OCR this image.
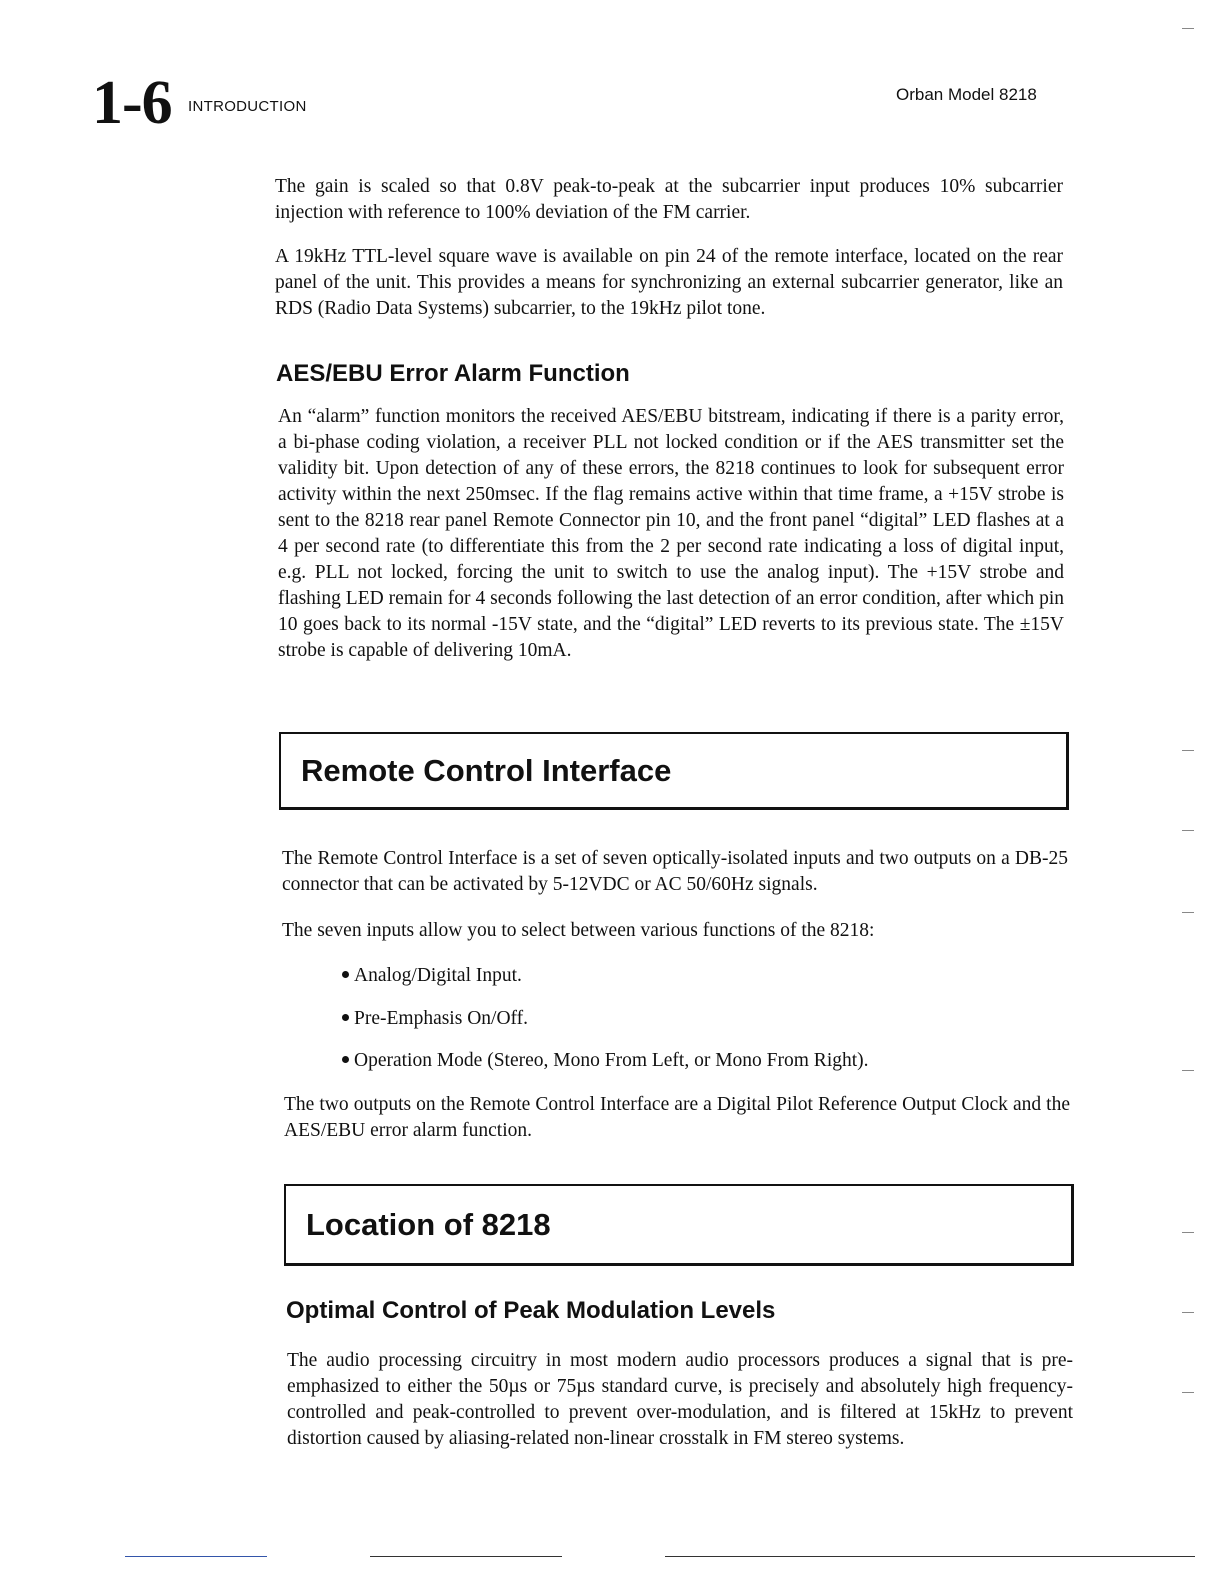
1-6 INTRODUCTION
Orban Model 8218

The gain is scaled so that 0.8V peak-to-peak at the subcarrier input produces 10% subcarrier injection with reference to 100% deviation of the FM carrier.

A 19kHz TTL-level square wave is available on pin 24 of the remote interface, located on the rear panel of the unit. This provides a means for synchronizing an external subcarrier generator, like an RDS (Radio Data Systems) subcarrier, to the 19kHz pilot tone.

AES/EBU Error Alarm Function

An “alarm” function monitors the received AES/EBU bitstream, indicating if there is a parity error, a bi-phase coding violation, a receiver PLL not locked condition or if the AES transmitter set the validity bit. Upon detection of any of these errors, the 8218 continues to look for subsequent error activity within the next 250msec. If the flag remains active within that time frame, a +15V strobe is sent to the 8218 rear panel Remote Connector pin 10, and the front panel “digital” LED flashes at a 4 per second rate (to differentiate this from the 2 per second rate indicating a loss of digital input, e.g. PLL not locked, forcing the unit to switch to use the analog input). The +15V strobe and flashing LED remain for 4 seconds following the last detection of an error condition, after which pin 10 goes back to its normal -15V state, and the “digital” LED reverts to its previous state. The ±15V strobe is capable of delivering 10mA.

Remote Control Interface

The Remote Control Interface is a set of seven optically-isolated inputs and two outputs on a DB-25 connector that can be activated by 5-12VDC or AC 50/60Hz signals.

The seven inputs allow you to select between various functions of the 8218:

Analog/Digital Input.

Pre-Emphasis On/Off.

Operation Mode (Stereo, Mono From Left, or Mono From Right).

The two outputs on the Remote Control Interface are a Digital Pilot Reference Output Clock and the AES/EBU error alarm function.

Location of 8218
Optimal Control of Peak Modulation Levels

The audio processing circuitry in most modern audio processors produces a signal that is pre-emphasized to either the 50µs or 75µs standard curve, is precisely and absolutely high frequency-controlled and peak-controlled to prevent over-modulation, and is filtered at 15kHz to prevent distortion caused by aliasing-related non-linear crosstalk in FM stereo systems.
